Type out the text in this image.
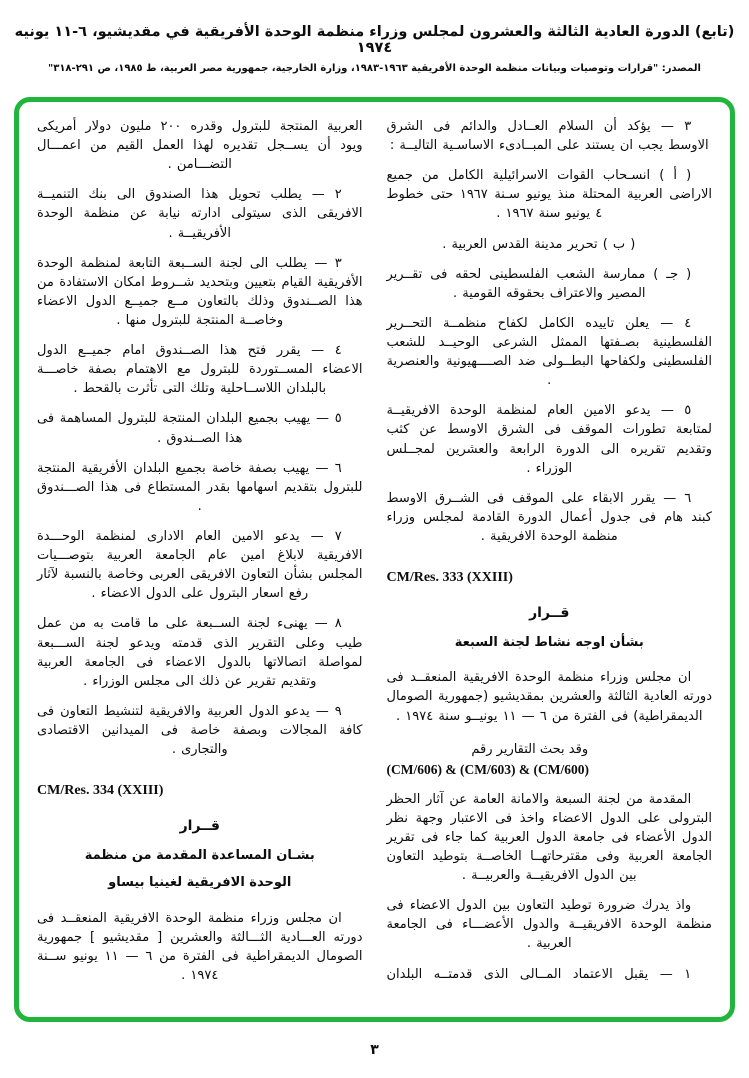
(تابع) الدورة العادية الثالثة والعشرون لمجلس وزراء منظمة الوحدة الأفريقية في مقديشيو، ٦-١١ يونيه ١٩٧٤
المصدر: "قرارات وتوصيات وبيانات منظمة الوحدة الأفريقية ١٩٦٣-١٩٨٣، وزارة الخارجية، جمهورية مصر العربية، ط ١٩٨٥، ص ٢٩١-٣١٨"

٣ — يؤكد أن السلام العــادل والدائم فى الشرق الاوسط يجب ان يستند على المبــادىء الاساسـية التاليــة :

( أ ) انسـحاب القوات الاسرائيلية الكامل من جميع الاراضى العربية المحتلة منذ يونيو سـنة ١٩٦٧ حتى خطوط ٤ يونيو سنة ١٩٦٧ .

( ب ) تحرير مدينة القدس العربية .

( جـ ) ممارسة الشعب الفلسطينى لحقه فى تقــرير المصير والاعتراف بحقوقه القومية .

٤ — يعلن تاييده الكامل لكفاح منظمــة التحــرير الفلسطينية بصـفتها الممثل الشرعى الوحيــد للشعب الفلسطينى ولكفاحها البطــولى ضد الصــــهيونية والعنصرية .

٥ — يدعو الامين العام لمنظمة الوحدة الافريقيــة لمتابعة تطورات الموقف فى الشرق الاوسط عن كثب وتقديم تقريره الى الدورة الرابعة والعشرين لمجــلس الوزراء .

٦ — يقرر الابقاء على الموقف فى الشــرق الاوسط كبند هام فى جدول أعمال الدورة القادمة لمجلس وزراء منظمة الوحدة الافريقية .

CM/Res. 333 (XXIII)

قــرار

بشأن اوجه نشاط لجنة السبعة

ان مجلس وزراء منظمة الوحدة الافريقية المنعقــد فى دورته العادية الثالثة والعشرين بمقديشيو (جمهورية الصومال الديمقراطية) فى الفترة من ٦ — ١١ يونيــو سنة ١٩٧٤ .

وقد بحث التقارير رقم

(CM/606) & (CM/603) & (CM/600)

المقدمة من لجنة السبعة والامانة العامة عن آثار الحظر البترولى على الدول الاعضاء واخذ فى الاعتبار وجهة نظر الدول الأعضاء فى جامعة الدول العربية كما جاء فى تقرير الجامعة العربية وفى مقترحاتهــا الخاصــة بتوطيد التعاون بين الدول الافريقيــة والعربيــة .

واذ يدرك ضرورة توطيد التعاون بين الدول الاعضاء فى منظمة الوحدة الافريقيــة والدول الأعضـــاء فى الجامعة العربية .

١ — يقبل الاعتماد المــالى الذى قدمتــه البلدان

العربية المنتجة للبترول وقدره ٢٠٠ مليون دولار أمريكى ويود أن يســجل تقديره لهذا العمل القيم من اعمـــال التضـــامن .

٢ — يطلب تحويل هذا الصندوق الى بنك التنميــة الافريقى الذى سيتولى ادارته نيابة عن منظمة الوحدة الأفريقيــة .

٣ — يطلب الى لجنة الســبعة التابعة لمنظمة الوحدة الأفريقية القيام بتعيين وبتحديد شــروط امكان الاستفادة من هذا الصــندوق وذلك بالتعاون مــع جميــع الدول الاعضاء وخاصــة المنتجة للبترول منها .

٤ — يقرر فتح هذا الصــندوق امام جميــع الدول الاعضاء المســتوردة للبترول مع الاهتمام بصفة خاصـــة بالبلدان اللاســاحلية وتلك التى تأثرت بالقحط .

٥ — يهيب بجميع البلدان المنتجة للبترول المساهمة فى هذا الصــندوق .

٦ — يهيب بصفة خاصة بجميع البلدان الأفريقية المنتجة للبترول بتقديم اسهامها بقدر المستطاع فى هذا الصـــندوق .

٧ — يدعو الامين العام الادارى لمنظمة الوحـــدة الافريقية لابلاغ امين عام الجامعة العربية بتوصـــيات المجلس بشأن التعاون الافريقى العربى وخاصة بالنسبة لآثار رفع اسعار البترول على الدول الاعضاء .

٨ — يهنىء لجنة الســبعة على ما قامت به من عمل طيب وعلى التقرير الذى قدمته ويدعو لجنة الســـبعة لمواصلة اتصالاتها بالدول الاعضاء فى الجامعة العربية وتقديم تقرير عن ذلك الى مجلس الوزراء .

٩ — يدعو الدول العربية والافريقية لتنشيط التعاون فى كافة المجالات وبصفة خاصة فى الميدانين الاقتصادى والتجارى .

CM/Res. 334 (XXIII)

قــرار

بشـان المساعدة المقدمة من منظمة

الوحدة الافريقية لغينيا بيساو

ان مجلس وزراء منظمة الوحدة الافريقية المنعقــد فى دورته العـــادية الثـــالثة والعشرين [ مقديشيو ] جمهورية الصومال الديمقراطية فى الفترة من ٦ — ١١ يونيو ســنة ١٩٧٤ .

٣
